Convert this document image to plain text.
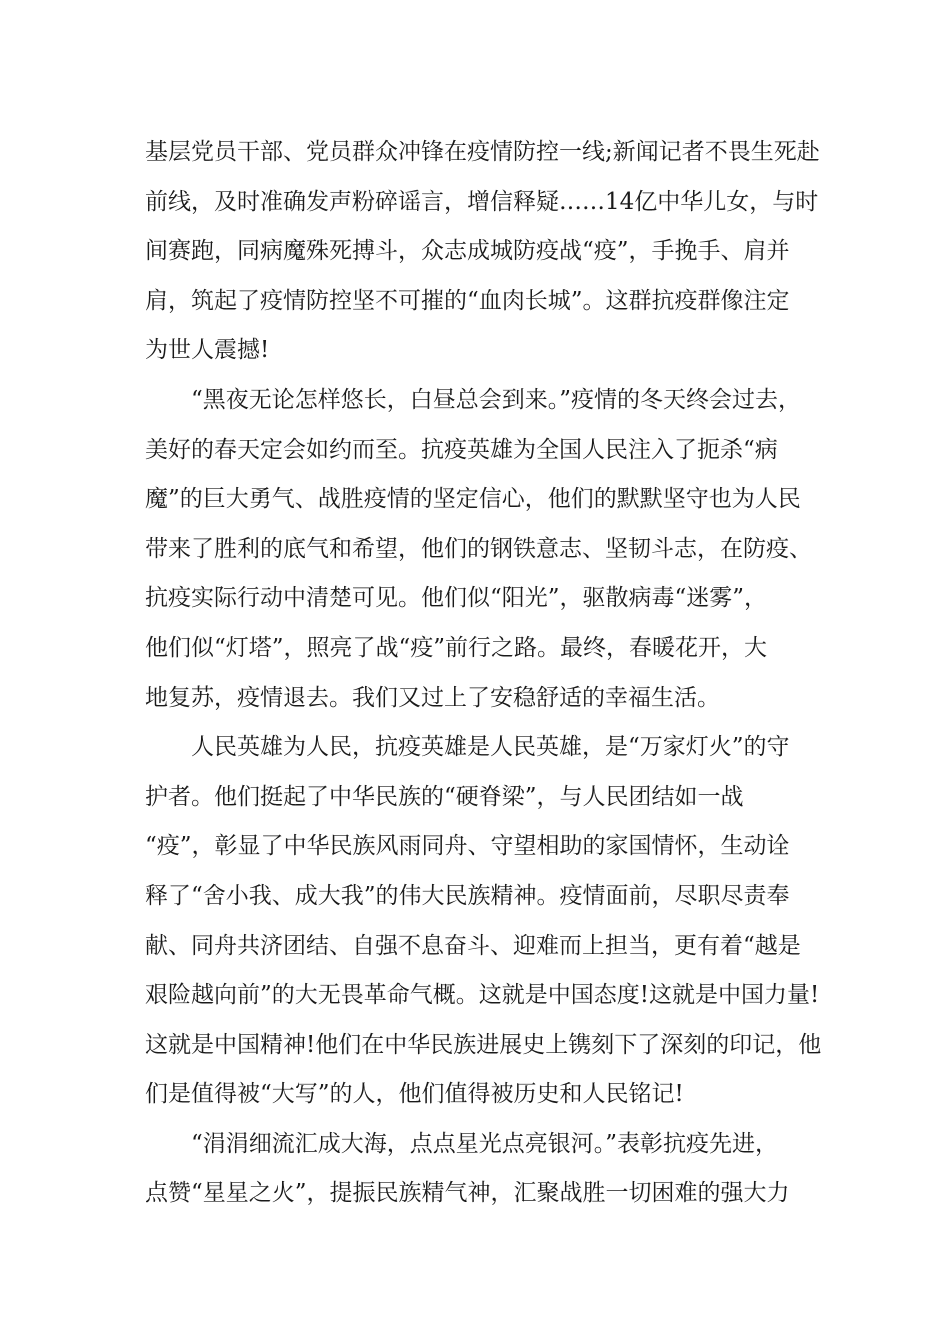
基层党员干部、党员群众冲锋在疫情防控一线;新闻记者不畏生死赴
前线，及时准确发声粉碎谣言，增信释疑……14亿中华儿女，与时
间赛跑，同病魔殊死搏斗，众志成城防疫战“疫”，手挽手、肩并
肩，筑起了疫情防控坚不可摧的“血肉长城”。这群抗疫群像注定
为世人震撼!
“黑夜无论怎样悠长，白昼总会到来。”疫情的冬天终会过去，
美好的春天定会如约而至。抗疫英雄为全国人民注入了扼杀“病
魔”的巨大勇气、战胜疫情的坚定信心，他们的默默坚守也为人民
带来了胜利的底气和希望，他们的钢铁意志、坚韧斗志，在防疫、
抗疫实际行动中清楚可见。他们似“阳光”，驱散病毒“迷雾”，
他们似“灯塔”，照亮了战“疫”前行之路。最终，春暖花开，大
地复苏，疫情退去。我们又过上了安稳舒适的幸福生活。
人民英雄为人民，抗疫英雄是人民英雄，是“万家灯火”的守
护者。他们挺起了中华民族的“硬脊梁”，与人民团结如一战
“疫”，彰显了中华民族风雨同舟、守望相助的家国情怀，生动诠
释了“舍小我、成大我”的伟大民族精神。疫情面前，尽职尽责奉
献、同舟共济团结、自强不息奋斗、迎难而上担当，更有着“越是
艰险越向前”的大无畏革命气概。这就是中国态度!这就是中国力量!
这就是中国精神!他们在中华民族进展史上镌刻下了深刻的印记，他
们是值得被“大写”的人，他们值得被历史和人民铭记!
“涓涓细流汇成大海，点点星光点亮银河。”表彰抗疫先进，
点赞“星星之火”，提振民族精气神，汇聚战胜一切困难的强大力
